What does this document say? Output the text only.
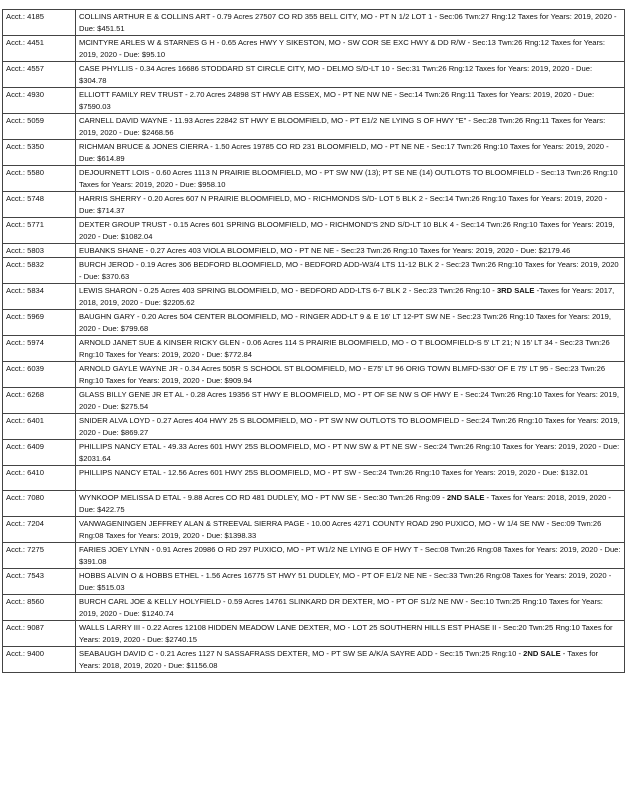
Acct.: 4185	COLLINS ARTHUR E & COLLINS ART - 0.79 Acres 27507 CO RD 355 BELL CITY, MO - PT N 1/2 LOT 1 - Sec:06 Twn:27 Rng:12 Taxes for Years: 2019, 2020 - Due: $451.51
Acct.: 4451	MCINTYRE ARLES W & STARNES G H - 0.65 Acres HWY Y SIKESTON, MO - SW COR SE EXC HWY & DD R/W - Sec:13 Twn:26 Rng:12 Taxes for Years: 2019, 2020 - Due: $95.10
Acct.: 4557	CASE PHYLLIS - 0.34 Acres 16686 STODDARD ST CIRCLE CITY, MO - DELMO S/D-LT 10 - Sec:31 Twn:26 Rng:12 Taxes for Years: 2019, 2020 - Due: $304.78
Acct.: 4930	ELLIOTT FAMILY REV TRUST - 2.70 Acres 24898 ST HWY AB ESSEX, MO - PT NE NW NE - Sec:14 Twn:26 Rng:11 Taxes for Years: 2019, 2020 - Due: $7590.03
Acct.: 5059	CARNELL DAVID WAYNE - 11.93 Acres 22842 ST HWY E BLOOMFIELD, MO - PT E1/2 NE LYING S OF HWY "E" - Sec:28 Twn:26 Rng:11 Taxes for Years: 2019, 2020 - Due: $2468.56
Acct.: 5350	RICHMAN BRUCE & JONES CIERRA - 1.50 Acres 19785 CO RD 231 BLOOMFIELD, MO - PT NE NE - Sec:17 Twn:26 Rng:10 Taxes for Years: 2019, 2020 - Due: $614.89
Acct.: 5580	DEJOURNETT LOIS - 0.60 Acres 1113 N PRAIRIE BLOOMFIELD, MO - PT SW NW (13); PT SE NE (14) OUTLOTS TO BLOOMFIELD - Sec:13 Twn:26 Rng:10 Taxes for Years: 2019, 2020 - Due: $958.10
Acct.: 5748	HARRIS SHERRY - 0.20 Acres 607 N PRAIRIE BLOOMFIELD, MO - RICHMONDS S/D- LOT 5 BLK 2 - Sec:14 Twn:26 Rng:10 Taxes for Years: 2019, 2020 - Due: $714.37
Acct.: 5771	DEXTER GROUP TRUST - 0.15 Acres 601 SPRING BLOOMFIELD, MO - RICHMOND'S 2ND S/D-LT 10 BLK 4 - Sec:14 Twn:26 Rng:10 Taxes for Years: 2019, 2020 - Due: $1082.04
Acct.: 5803	EUBANKS SHANE - 0.27 Acres 403 VIOLA BLOOMFIELD, MO - PT NE NE - Sec:23 Twn:26 Rng:10 Taxes for Years: 2019, 2020 - Due: $2179.46
Acct.: 5832	BURCH JEROD - 0.19 Acres 306 BEDFORD BLOOMFIELD, MO - BEDFORD ADD-W3/4 LTS 11-12 BLK 2 - Sec:23 Twn:26 Rng:10 Taxes for Years: 2019, 2020 - Due: $370.63
Acct.: 5834	LEWIS SHARON - 0.25 Acres 403 SPRING BLOOMFIELD, MO - BEDFORD ADD-LTS 6-7 BLK 2 - Sec:23 Twn:26 Rng:10 - 3RD SALE -Taxes for Years: 2017, 2018, 2019, 2020 - Due: $2205.62
Acct.: 5969	BAUGHN GARY - 0.20 Acres 504 CENTER BLOOMFIELD, MO - RINGER ADD-LT 9 & E 16' LT 12-PT SW NE - Sec:23 Twn:26 Rng:10 Taxes for Years: 2019, 2020 - Due: $799.68
Acct.: 5974	ARNOLD JANET SUE & KINSER RICKY GLEN - 0.06 Acres 114 S PRAIRIE BLOOMFIELD, MO - O T BLOOMFIELD-S 5' LT 21; N 15' LT 34 - Sec:23 Twn:26 Rng:10 Taxes for Years: 2019, 2020 - Due: $772.84
Acct.: 6039	ARNOLD GAYLE WAYNE JR - 0.34 Acres 505R S SCHOOL ST BLOOMFIELD, MO - E75' LT 96 ORIG TOWN BLMFD-S30' OF E 75' LT 95 - Sec:23 Twn:26 Rng:10 Taxes for Years: 2019, 2020 - Due: $909.94
Acct.: 6268	GLASS BILLY GENE JR ET AL - 0.28 Acres 19356 ST HWY E BLOOMFIELD, MO - PT OF SE NW S OF HWY E - Sec:24 Twn:26 Rng:10 Taxes for Years: 2019, 2020 - Due: $275.54
Acct.: 6401	SNIDER ALVA LOYD - 0.27 Acres 404 HWY 25 S BLOOMFIELD, MO - PT SW NW OUTLOTS TO BLOOMFIELD - Sec:24 Twn:26 Rng:10 Taxes for Years: 2019, 2020 - Due: $869.27
Acct.: 6409	PHILLIPS NANCY ETAL - 49.33 Acres 601 HWY 25S BLOOMFIELD, MO - PT NW SW & PT NE SW - Sec:24 Twn:26 Rng:10 Taxes for Years: 2019, 2020 - Due: $2031.64
Acct.: 6410	PHILLIPS NANCY ETAL - 12.56 Acres 601 HWY 25S BLOOMFIELD, MO - PT SW - Sec:24 Twn:26 Rng:10 Taxes for Years: 2019, 2020 - Due: $132.01
Acct.: 7080	WYNKOOP MELISSA D ETAL - 9.88 Acres CO RD 481 DUDLEY, MO - PT NW SE - Sec:30 Twn:26 Rng:09 - 2ND SALE - Taxes for Years: 2018, 2019, 2020 - Due: $422.75
Acct.: 7204	VANWAGENINGEN JEFFREY ALAN & STREEVAL SIERRA PAGE - 10.00 Acres 4271 COUNTY ROAD 290 PUXICO, MO - W 1/4 SE NW - Sec:09 Twn:26 Rng:08 Taxes for Years: 2019, 2020 - Due: $1398.33
Acct.: 7275	FARIES JOEY LYNN - 0.91 Acres 20986 O RD 297 PUXICO, MO - PT W1/2 NE LYING E OF HWY T - Sec:08 Twn:26 Rng:08 Taxes for Years: 2019, 2020 - Due: $391.08
Acct.: 7543	HOBBS ALVIN O & HOBBS ETHEL - 1.56 Acres 16775 ST HWY 51 DUDLEY, MO - PT OF E1/2 NE NE - Sec:33 Twn:26 Rng:08 Taxes for Years: 2019, 2020 - Due: $515.03
Acct.: 8560	BURCH CARL JOE & KELLY HOLYFIELD - 0.59 Acres 14761 SLINKARD DR DEXTER, MO - PT OF S1/2 NE NW - Sec:10 Twn:25 Rng:10 Taxes for Years: 2019, 2020 - Due: $1240.74
Acct.: 9087	WALLS LARRY III - 0.22 Acres 12108 HIDDEN MEADOW LANE DEXTER, MO - LOT 25 SOUTHERN HILLS EST PHASE II - Sec:20 Twn:25 Rng:10 Taxes for Years: 2019, 2020 - Due: $2740.15
Acct.: 9400	SEABAUGH DAVID C - 0.21 Acres 1127 N SASSAFRASS DEXTER, MO - PT SW SE A/K/A SAYRE ADD - Sec:15 Twn:25 Rng:10 - 2ND SALE - Taxes for Years: 2018, 2019, 2020 - Due: $1156.08
